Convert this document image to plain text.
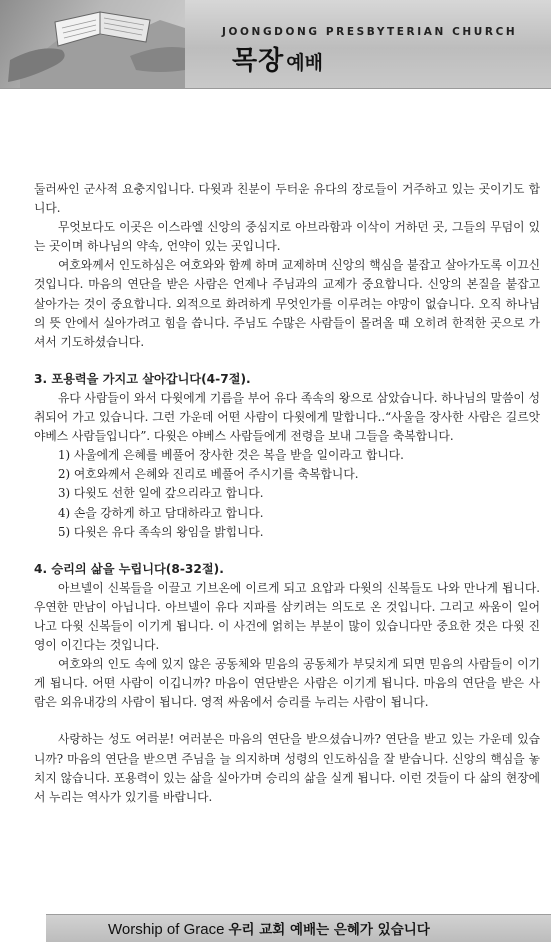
JOONGDONG PRESBYTERIAN CHURCH
목장 예배

둘러싸인 군사적 요충지입니다. 다윗과 친분이 두터운 유다의 장로들이 거주하고 있는 곳이기도 합니다.

무엇보다도 이곳은 이스라엘 신앙의 중심지로 아브라함과 이삭이 거하던 곳, 그들의 무덤이 있는 곳이며 하나님의 약속, 언약이 있는 곳입니다.

여호와께서 인도하심은 여호와와 함께 하며 교제하며 신앙의 핵심을 붙잡고 살아가도록 이끄신 것입니다. 마음의 연단을 받은 사람은 언제나 주님과의 교제가 중요합니다. 신앙의 본질을 붙잡고 살아가는 것이 중요합니다. 외적으로 화려하게 무엇인가를 이루려는 야망이 없습니다. 오직 하나님의 뜻 안에서 실아가려고 힘을 씁니다. 주님도 수많은 사람들이 몰려올 때 오히려 한적한 곳으로 가셔서 기도하셨습니다.

3. 포용력을 가지고 살아갑니다(4-7절).

유다 사람들이 와서 다윗에게 기름을 부어 유다 족속의 왕으로 삼았습니다. 하나님의 말씀이 성취되어 가고 있습니다. 그런 가운데 어떤 사람이 다윗에게 말합니다..“사울을 장사한 사람은 길르앗 야베스 사람들입니다”. 다윗은 야베스 사람들에게 전령을 보내 그들을 축복합니다.

1) 사울에게 은혜를 베풀어 장사한 것은 복을 받을 일이라고 합니다.
2) 여호와께서 은혜와 진리로 베풀어 주시기를 축복합니다.
3) 다윗도 선한 일에 갚으리라고 합니다.
4) 손을 강하게 하고 담대하라고 합니다.
5) 다윗은 유다 족속의 왕임을 밝힙니다.

4. 승리의 삶을 누립니다(8-32절).

아브넬이 신복들을 이끌고 기브온에 이르게 되고 요압과 다윗의 신복들도 나와 만나게 됩니다. 우연한 만남이 아닙니다. 아브넬이 유다 지파를 삼키려는 의도로 온 것입니다. 그리고 싸움이 일어나고 다윗 신복들이 이기게 됩니다. 이 사건에 얽히는 부분이 많이 있습니다만 중요한 것은 다윗 진영이 이긴다는 것입니다.

여호와의 인도 속에 있지 않은 공동체와 믿음의 공동체가 부딪치게 되면 믿음의 사람들이 이기게 됩니다. 어떤 사람이 이깁니까? 마음이 연단받은 사람은 이기게 됩니다. 마음의 연단을 받은 사람은 외유내강의 사람이 됩니다. 영적 싸움에서 승리를 누리는 사람이 됩니다.

사랑하는 성도 여러분! 여러분은 마음의 연단을 받으셨습니까? 연단을 받고 있는 가운데 있습니까? 마음의 연단을 받으면 주님을 늘 의지하며 성령의 인도하심을 잘 받습니다. 신앙의 핵심을 놓치지 않습니다. 포용력이 있는 삶을 실아가며 승리의 삶을 실게 됩니다. 이런 것들이 다 삶의 현장에서 누리는 역사가 있기를 바랍니다.

Worship of Grace 우리 교회 예배는 은혜가 있습니다
